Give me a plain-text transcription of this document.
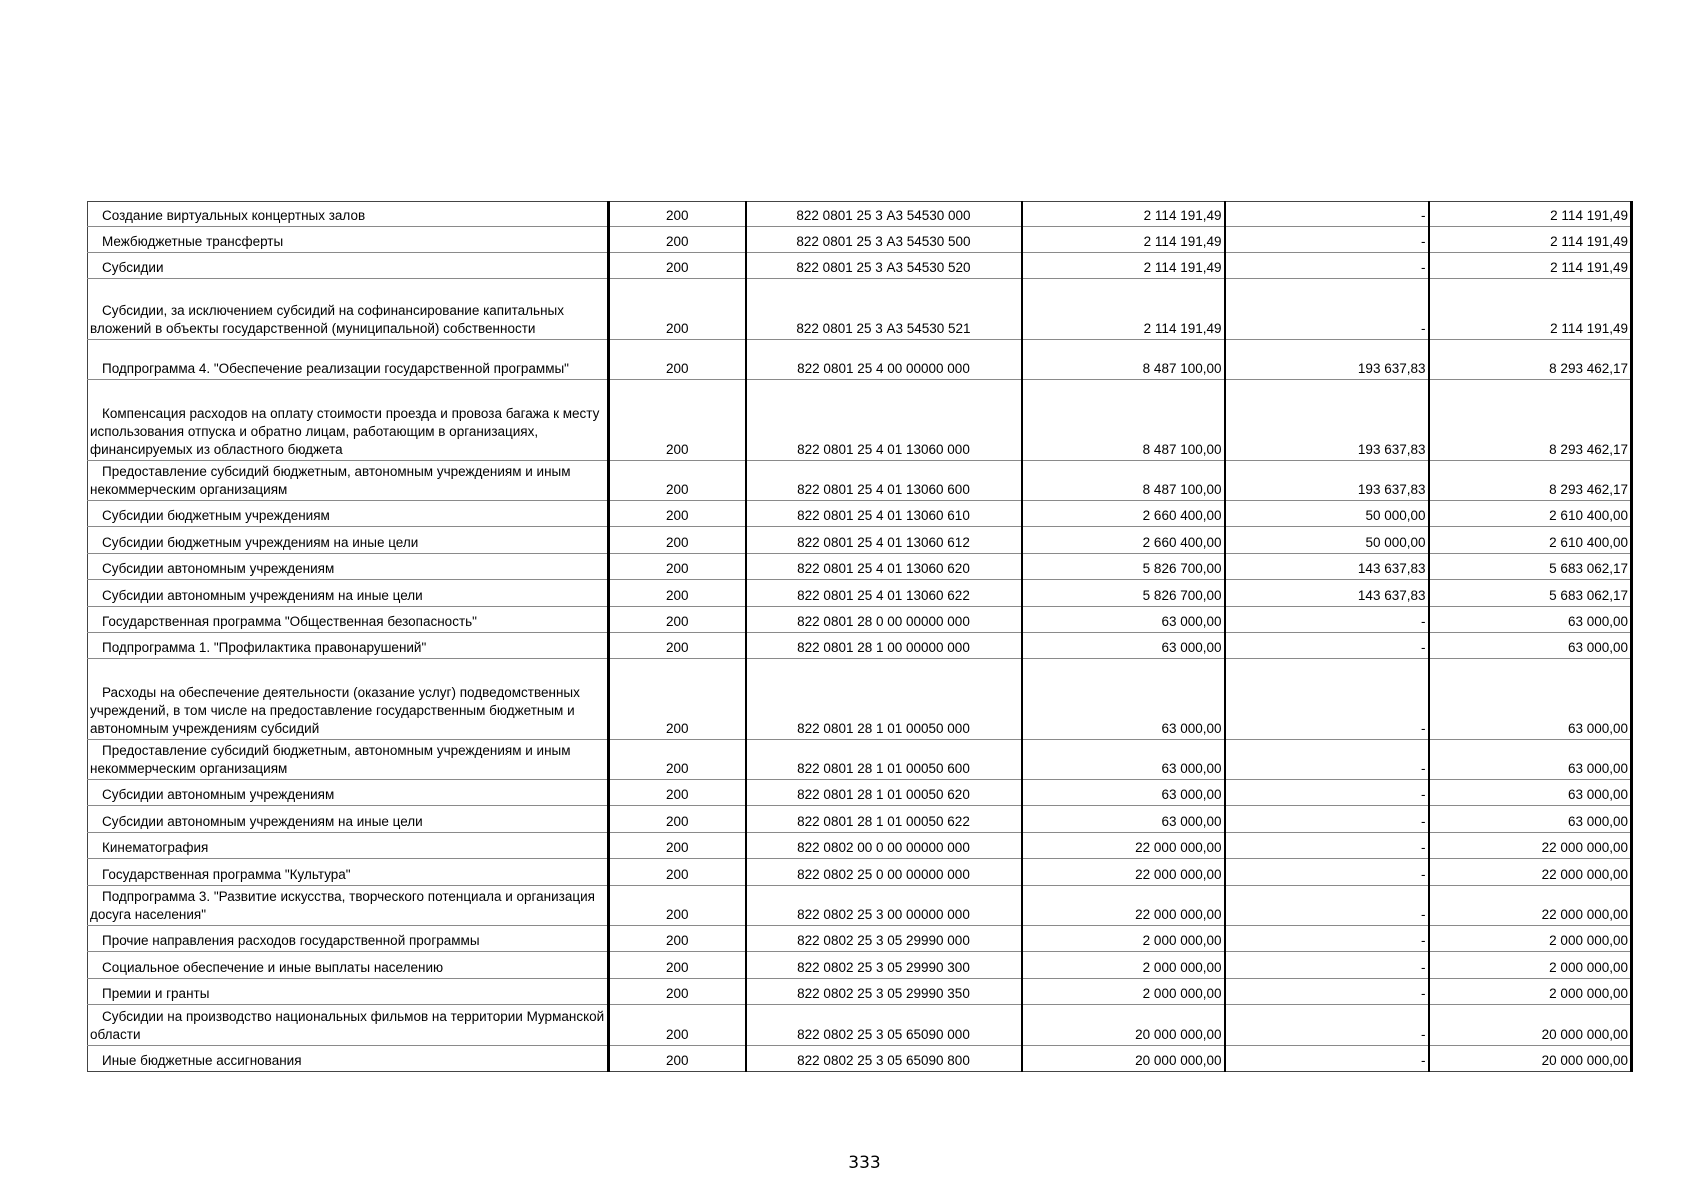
Создание виртуальных концертных залов	200	822 0801 25 3 А3 54530 000	2 114 191,49	-	2 114 191,49

Межбюджетные трансферты	200	822 0801 25 3 А3 54530 500	2 114 191,49	-	2 114 191,49

Субсидии	200	822 0801 25 3 А3 54530 520	2 114 191,49	-	2 114 191,49

Субсидии, за исключением субсидий на софинансирование капитальных вложений в объекты государственной (муниципальной) собственности	200	822 0801 25 3 А3 54530 521	2 114 191,49	-	2 114 191,49

Подпрограмма 4. "Обеспечение реализации государственной программы"	200	822 0801 25 4 00 00000 000	8 487 100,00	193 637,83	8 293 462,17

Компенсация расходов на оплату стоимости проезда и провоза багажа к месту использования отпуска и обратно лицам, работающим в организациях, финансируемых из областного бюджета	200	822 0801 25 4 01 13060 000	8 487 100,00	193 637,83	8 293 462,17

Предоставление субсидий бюджетным, автономным учреждениям и иным некоммерческим организациям	200	822 0801 25 4 01 13060 600	8 487 100,00	193 637,83	8 293 462,17

Субсидии бюджетным учреждениям	200	822 0801 25 4 01 13060 610	2 660 400,00	50 000,00	2 610 400,00

Субсидии бюджетным учреждениям на иные цели	200	822 0801 25 4 01 13060 612	2 660 400,00	50 000,00	2 610 400,00

Субсидии автономным учреждениям	200	822 0801 25 4 01 13060 620	5 826 700,00	143 637,83	5 683 062,17

Субсидии автономным учреждениям на иные цели	200	822 0801 25 4 01 13060 622	5 826 700,00	143 637,83	5 683 062,17

Государственная программа "Общественная безопасность"	200	822 0801 28 0 00 00000 000	63 000,00	-	63 000,00

Подпрограмма 1. "Профилактика правонарушений"	200	822 0801 28 1 00 00000 000	63 000,00	-	63 000,00

Расходы на обеспечение деятельности (оказание услуг) подведомственных учреждений, в том числе на предоставление государственным бюджетным и автономным учреждениям субсидий	200	822 0801 28 1 01 00050 000	63 000,00	-	63 000,00

Предоставление субсидий бюджетным, автономным учреждениям и иным некоммерческим организациям	200	822 0801 28 1 01 00050 600	63 000,00	-	63 000,00

Субсидии автономным учреждениям	200	822 0801 28 1 01 00050 620	63 000,00	-	63 000,00

Субсидии автономным учреждениям на иные цели	200	822 0801 28 1 01 00050 622	63 000,00	-	63 000,00

Кинематография	200	822 0802 00 0 00 00000 000	22 000 000,00	-	22 000 000,00

Государственная программа "Культура"	200	822 0802 25 0 00 00000 000	22 000 000,00	-	22 000 000,00

Подпрограмма 3. "Развитие искусства, творческого потенциала и организация досуга населения"	200	822 0802 25 3 00 00000 000	22 000 000,00	-	22 000 000,00

Прочие направления расходов государственной программы	200	822 0802 25 3 05 29990 000	2 000 000,00	-	2 000 000,00

Социальное обеспечение и иные выплаты населению	200	822 0802 25 3 05 29990 300	2 000 000,00	-	2 000 000,00

Премии и гранты	200	822 0802 25 3 05 29990 350	2 000 000,00	-	2 000 000,00

Субсидии на производство национальных фильмов на территории Мурманской области	200	822 0802 25 3 05 65090 000	20 000 000,00	-	20 000 000,00

Иные бюджетные ассигнования	200	822 0802 25 3 05 65090 800	20 000 000,00	-	20 000 000,00
333
